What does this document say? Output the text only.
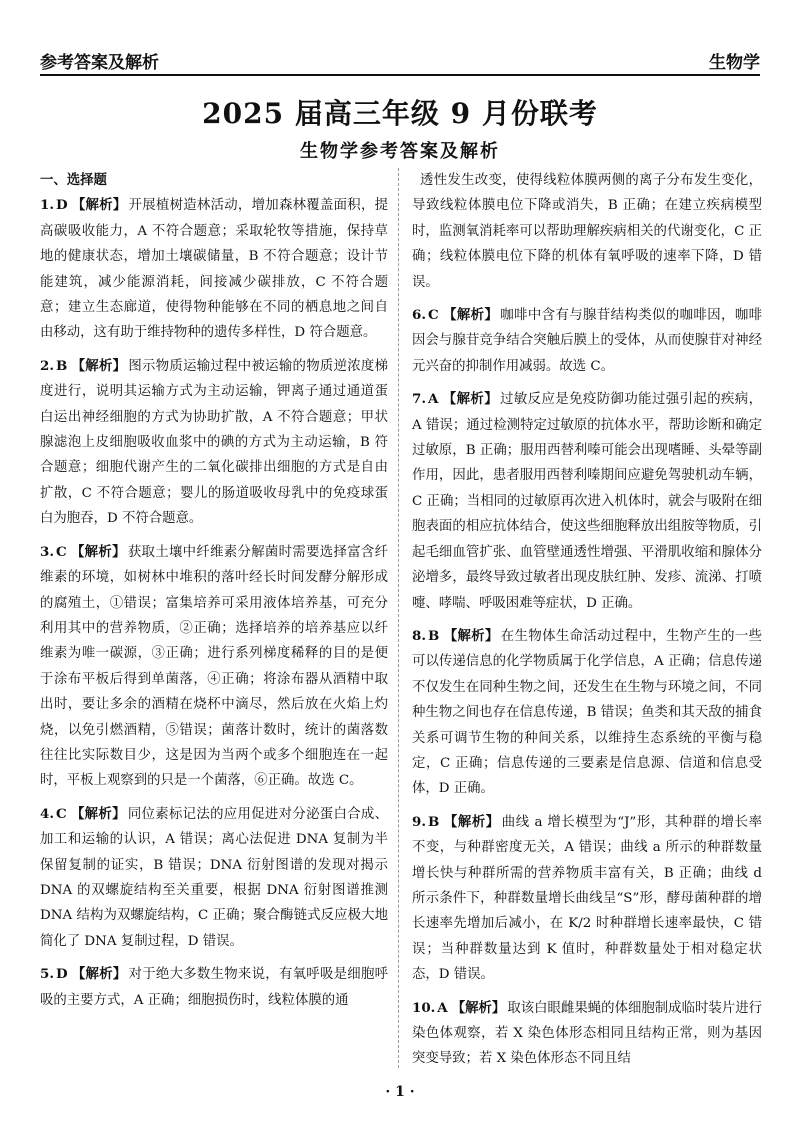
参考答案及解析	生物学
2025 届高三年级 9 月份联考
生物学参考答案及解析

一、选择题

1. D 【解析】 开展植树造林活动，增加森林覆盖面积，提高碳吸收能力，A 不符合题意；采取轮牧等措施，保持草地的健康状态，增加土壤碳储量，B 不符合题意；设计节能建筑，减少能源消耗，间接减少碳排放，C 不符合题意；建立生态廊道，使得物种能够在不同的栖息地之间自由移动，这有助于维持物种的遗传多样性，D 符合题意。

2. B 【解析】 图示物质运输过程中被运输的物质逆浓度梯度进行，说明其运输方式为主动运输，钾离子通过通道蛋白运出神经细胞的方式为协助扩散，A 不符合题意；甲状腺滤泡上皮细胞吸收血浆中的碘的方式为主动运输，B 符合题意；细胞代谢产生的二氧化碳排出细胞的方式是自由扩散，C 不符合题意；婴儿的肠道吸收母乳中的免疫球蛋白为胞吞，D 不符合题意。

3. C 【解析】 获取土壤中纤维素分解菌时需要选择富含纤维素的环境，如树林中堆积的落叶经长时间发酵分解形成的腐殖土，①错误；富集培养可采用液体培养基，可充分利用其中的营养物质，②正确；选择培养的培养基应以纤维素为唯一碳源，③正确；进行系列梯度稀释的目的是便于涂布平板后得到单菌落，④正确；将涂布器从酒精中取出时，要让多余的酒精在烧杯中滴尽，然后放在火焰上灼烧，以免引燃酒精，⑤错误；菌落计数时，统计的菌落数往往比实际数目少，这是因为当两个或多个细胞连在一起时，平板上观察到的只是一个菌落，⑥正确。故选 C。

4. C 【解析】 同位素标记法的应用促进对分泌蛋白合成、加工和运输的认识，A 错误；离心法促进 DNA 复制为半保留复制的证实，B 错误；DNA 衍射图谱的发现对揭示 DNA 的双螺旋结构至关重要，根据 DNA 衍射图谱推测 DNA 结构为双螺旋结构，C 正确；聚合酶链式反应极大地简化了 DNA 复制过程，D 错误。

5. D 【解析】 对于绝大多数生物来说，有氧呼吸是细胞呼吸的主要方式，A 正确；细胞损伤时，线粒体膜的通

透性发生改变，使得线粒体膜两侧的离子分布发生变化，导致线粒体膜电位下降或消失，B 正确；在建立疾病模型时，监测氧消耗率可以帮助理解疾病相关的代谢变化，C 正确；线粒体膜电位下降的机体有氧呼吸的速率下降，D 错误。

6. C 【解析】 咖啡中含有与腺苷结构类似的咖啡因，咖啡因会与腺苷竞争结合突触后膜上的受体，从而使腺苷对神经元兴奋的抑制作用减弱。故选 C。

7. A 【解析】 过敏反应是免疫防御功能过强引起的疾病，A 错误；通过检测特定过敏原的抗体水平，帮助诊断和确定过敏原，B 正确；服用西替利嗪可能会出现嗜睡、头晕等副作用，因此，患者服用西替利嗪期间应避免驾驶机动车辆，C 正确；当相同的过敏原再次进入机体时，就会与吸附在细胞表面的相应抗体结合，使这些细胞释放出组胺等物质，引起毛细血管扩张、血管壁通透性增强、平滑肌收缩和腺体分泌增多，最终导致过敏者出现皮肤红肿、发疹、流涕、打喷嚏、哮喘、呼吸困难等症状，D 正确。

8. B 【解析】 在生物体生命活动过程中，生物产生的一些可以传递信息的化学物质属于化学信息，A 正确；信息传递不仅发生在同种生物之间，还发生在生物与环境之间，不同种生物之间也存在信息传递，B 错误；鱼类和其天敌的捕食关系可调节生物的种间关系，以维持生态系统的平衡与稳定，C 正确；信息传递的三要素是信息源、信道和信息受体，D 正确。

9. B 【解析】 曲线 a 增长模型为“J”形，其种群的增长率不变，与种群密度无关，A 错误；曲线 a 所示的种群数量增长快与种群所需的营养物质丰富有关，B 正确；曲线 d 所示条件下，种群数量增长曲线呈“S”形，酵母菌种群的增长速率先增加后减小，在 K/2 时种群增长速率最快，C 错误；当种群数量达到 K 值时，种群数量处于相对稳定状态，D 错误。

10. A 【解析】 取该白眼雌果蝇的体细胞制成临时装片进行染色体观察，若 X 染色体形态相同且结构正常，则为基因突变导致；若 X 染色体形态不同且结

· 1 ·
